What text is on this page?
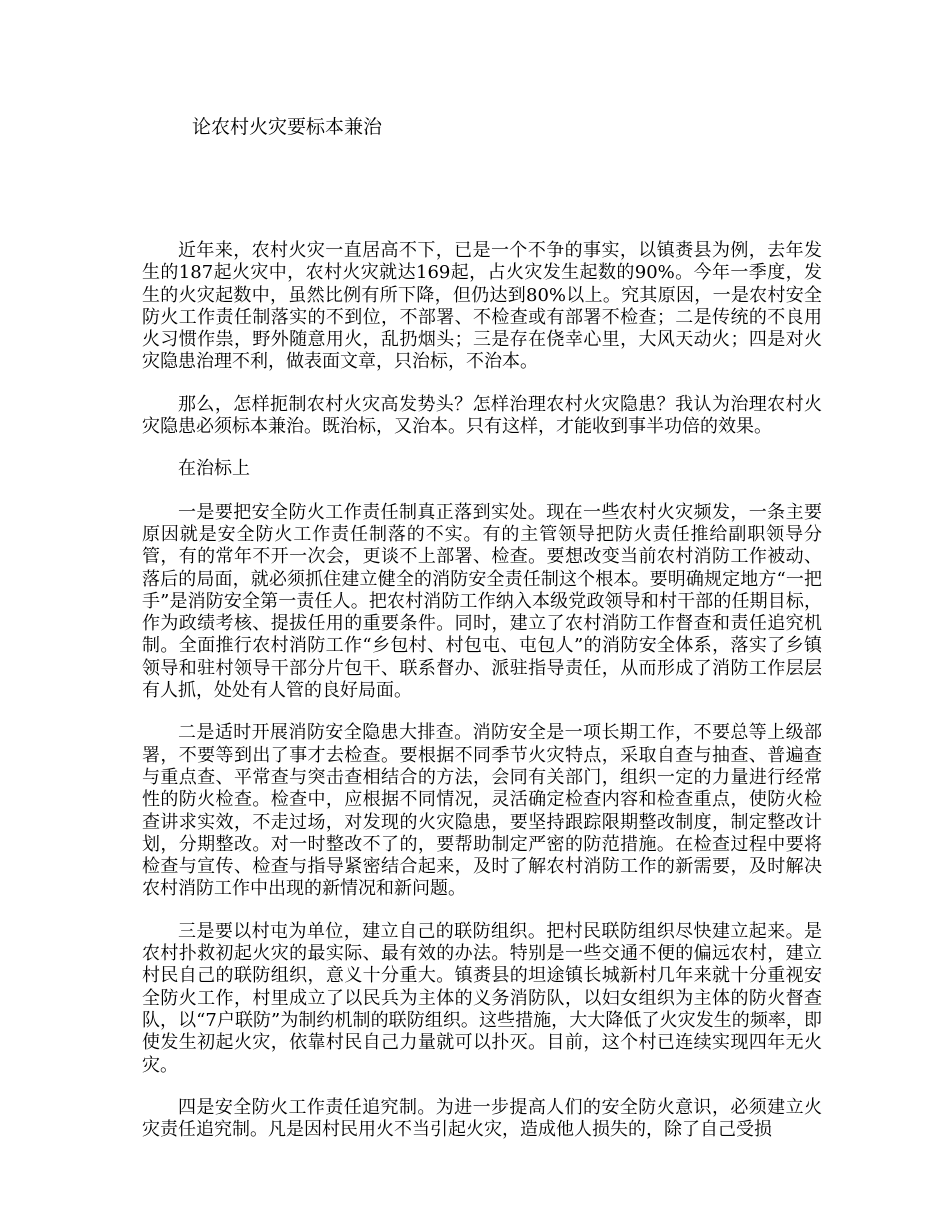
论农村火灾要标本兼治

近年来，农村火灾一直居高不下，已是一个不争的事实，以镇赉县为例，去年发生的187起火灾中，农村火灾就达169起，占火灾发生起数的90%。今年一季度，发生的火灾起数中，虽然比例有所下降，但仍达到80%以上。究其原因，一是农村安全防火工作责任制落实的不到位，不部署、不检查或有部署不检查；二是传统的不良用火习惯作祟，野外随意用火，乱扔烟头；三是存在侥幸心里，大风天动火；四是对火灾隐患治理不利，做表面文章，只治标，不治本。

那么，怎样扼制农村火灾高发势头？怎样治理农村火灾隐患？我认为治理农村火灾隐患必须标本兼治。既治标，又治本。只有这样，才能收到事半功倍的效果。

在治标上

一是要把安全防火工作责任制真正落到实处。现在一些农村火灾频发，一条主要原因就是安全防火工作责任制落的不实。有的主管领导把防火责任推给副职领导分管，有的常年不开一次会，更谈不上部署、检查。要想改变当前农村消防工作被动、落后的局面，就必须抓住建立健全的消防安全责任制这个根本。要明确规定地方“一把手”是消防安全第一责任人。把农村消防工作纳入本级党政领导和村干部的任期目标，作为政绩考核、提拔任用的重要条件。同时，建立了农村消防工作督查和责任追究机制。全面推行农村消防工作“乡包村、村包屯、屯包人”的消防安全体系，落实了乡镇领导和驻村领导干部分片包干、联系督办、派驻指导责任，从而形成了消防工作层层有人抓，处处有人管的良好局面。

二是适时开展消防安全隐患大排查。消防安全是一项长期工作，不要总等上级部署，不要等到出了事才去检查。要根据不同季节火灾特点，采取自查与抽查、普遍查与重点查、平常查与突击查相结合的方法，会同有关部门，组织一定的力量进行经常性的防火检查。检查中，应根据不同情况，灵活确定检查内容和检查重点，使防火检查讲求实效，不走过场，对发现的火灾隐患，要坚持跟踪限期整改制度，制定整改计划，分期整改。对一时整改不了的，要帮助制定严密的防范措施。在检查过程中要将检查与宣传、检查与指导紧密结合起来，及时了解农村消防工作的新需要，及时解决农村消防工作中出现的新情况和新问题。

三是要以村屯为单位，建立自己的联防组织。把村民联防组织尽快建立起来。是农村扑救初起火灾的最实际、最有效的办法。特别是一些交通不便的偏远农村，建立村民自己的联防组织，意义十分重大。镇赉县的坦途镇长城新村几年来就十分重视安全防火工作，村里成立了以民兵为主体的义务消防队，以妇女组织为主体的防火督查队，以“7户联防”为制约机制的联防组织。这些措施，大大降低了火灾发生的频率，即使发生初起火灾，依靠村民自己力量就可以扑灭。目前，这个村已连续实现四年无火灾。

四是安全防火工作责任追究制。为进一步提高人们的安全防火意识，必须建立火灾责任追究制。凡是因村民用火不当引起火灾，造成他人损失的，除了自己受损
